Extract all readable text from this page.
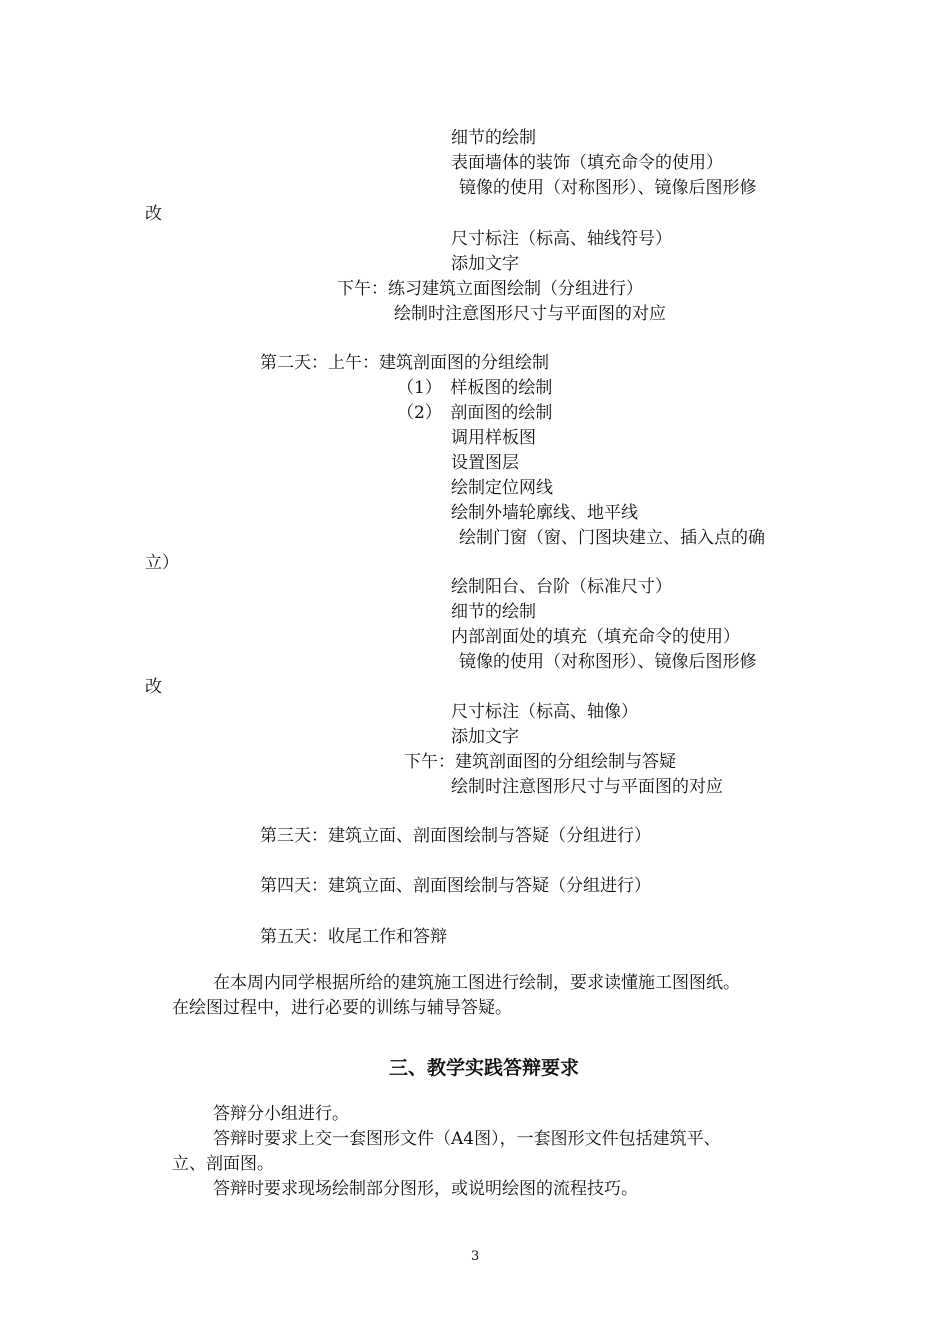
细节的绘制
表面墙体的装饰（填充命令的使用）
镜像的使用（对称图形）、镜像后图形修
改
尺寸标注（标高、轴线符号）
添加文字
下午：练习建筑立面图绘制（分组进行）
绘制时注意图形尺寸与平面图的对应
第二天：上午：建筑剖面图的分组绘制
（1）　样板图的绘制
（2）　剖面图的绘制
调用样板图
设置图层
绘制定位网线
绘制外墙轮廓线、地平线
绘制门窗（窗、门图块建立、插入点的确
立）
绘制阳台、台阶（标准尺寸）
细节的绘制
内部剖面处的填充（填充命令的使用）
镜像的使用（对称图形）、镜像后图形修
改
尺寸标注（标高、轴像）
添加文字
下午：建筑剖面图的分组绘制与答疑
绘制时注意图形尺寸与平面图的对应
第三天：建筑立面、剖面图绘制与答疑（分组进行）
第四天：建筑立面、剖面图绘制与答疑（分组进行）
第五天：收尾工作和答辩
在本周内同学根据所给的建筑施工图进行绘制，要求读懂施工图图纸。
在绘图过程中，进行必要的训练与辅导答疑。
三、教学实践答辩要求
答辩分小组进行。
答辩时要求上交一套图形文件（A4图），一套图形文件包括建筑平、
立、剖面图。
答辩时要求现场绘制部分图形，或说明绘图的流程技巧。
3
